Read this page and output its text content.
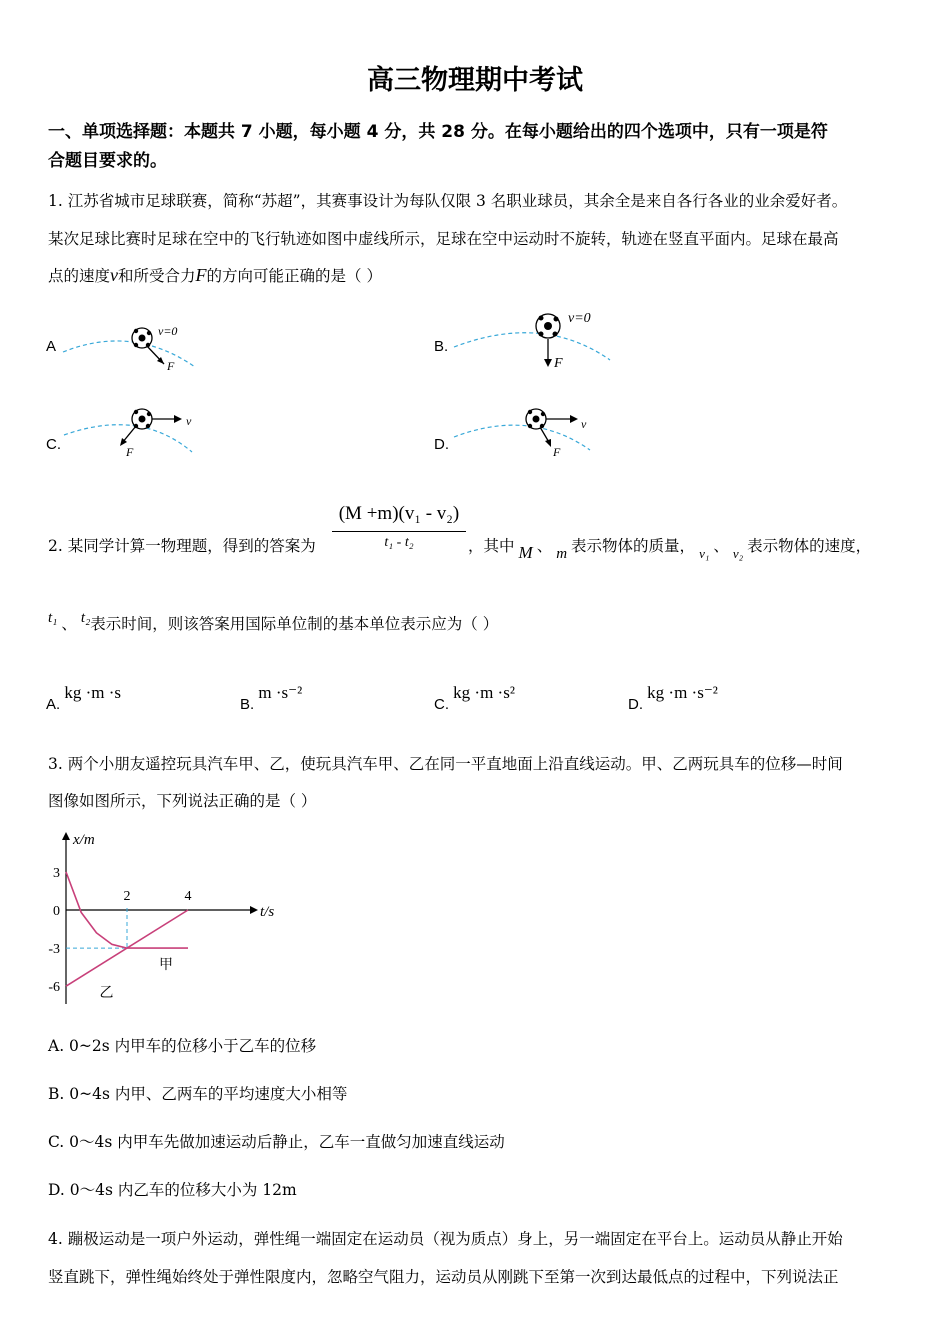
高三物理期中考试
一、单项选择题：本题共 7 小题，每小题 4 分，共 28 分。在每小题给出的四个选项中，只有一项是符
合题目要求的。
1. 江苏省城市足球联赛，简称“苏超”，其赛事设计为每队仅限 3 名职业球员，其余全是来自各行各业的业余爱好者。
某次足球比赛时足球在空中的飞行轨迹如图中虚线所示，足球在空中运动时不旋转，轨迹在竖直平面内。足球在最高
点的速度v和所受合力F的方向可能正确的是（ ）
A
v=0
F
B.
v=0
F
C.
v
F	D.
v
F
2. 某同学计算一物理题，得到的答案为
(M +m)(v₁ - v₂)
t₁ - t₂	，其中 M 、 m 表示物体的质量， $_{v_1}$ 、 $_{v_2}$ 表示物体的速度，
t₁ 、 t₂表示时间，则该答案用国际单位制的基本单位表示应为（ ）
A. kg ·m ·s
B. m ·s⁻²
C. kg ·m ·s²
D. kg ·m ·s⁻²
3. 两个小朋友遥控玩具汽车甲、乙，使玩具汽车甲、乙在同一平直地面上沿直线运动。甲、乙两玩具车的位移—时间
图像如图所示，下列说法正确的是（ ）
x/m
t/s
3
0
-3
-6
2	4
甲
乙
A. 0~2s 内甲车的位移小于乙车的位移
B. 0~4s 内甲、乙两车的平均速度大小相等
C. 0～4s 内甲车先做加速运动后静止，乙车一直做匀加速直线运动
D. 0～4s 内乙车的位移大小为 12m
4. 蹦极运动是一项户外运动，弹性绳一端固定在运动员（视为质点）身上，另一端固定在平台上。运动员从静止开始
竖直跳下，弹性绳始终处于弹性限度内，忽略空气阻力，运动员从刚跳下至第一次到达最低点的过程中，下列说法正
